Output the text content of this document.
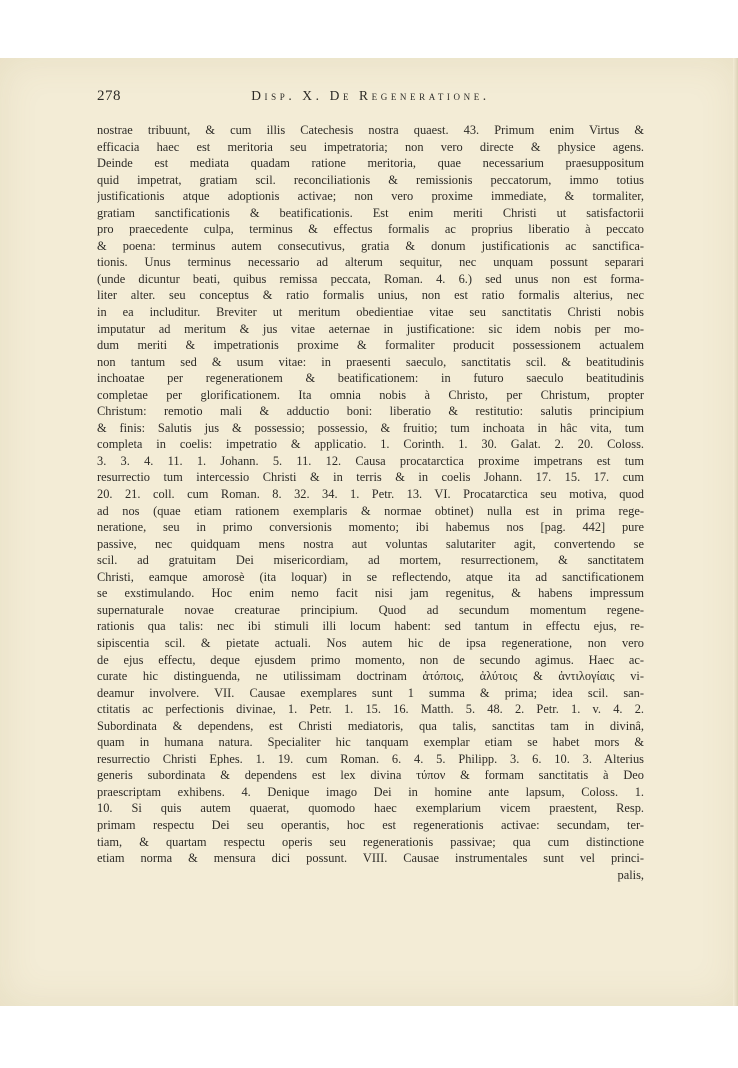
278	Disp. X. De Regeneratione.
nostrae tribuunt, & cum illis Catechesis nostra quaest. 43. Primum enim Virtus &
efficacia haec est meritoria seu impetratoria; non vero directe & physice agens.
Deinde est mediata quadam ratione meritoria, quae necessarium praesuppositum
quid impetrat, gratiam scil. reconciliationis & remissionis peccatorum, immo totius
justificationis atque adoptionis activae; non vero proxime immediate, & tormaliter,
gratiam sanctificationis & beatificationis. Est enim meriti Christi ut satisfactorii
pro praecedente culpa, terminus & effectus formalis ac proprius liberatio à peccato
& poena: terminus autem consecutivus, gratia & donum justificationis ac sanctifica-
tionis. Unus terminus necessario ad alterum sequitur, nec unquam possunt separari
(unde dicuntur beati, quibus remissa peccata, Roman. 4. 6.) sed unus non est forma-
liter alter. seu conceptus & ratio formalis unius, non est ratio formalis alterius, nec
in ea includitur. Breviter ut meritum obedientiae vitae seu sanctitatis Christi nobis
imputatur ad meritum & jus vitae aeternae in justificatione: sic idem nobis per mo-
dum meriti & impetrationis proxime & formaliter producit possessionem actualem
non tantum sed & usum vitae: in praesenti saeculo, sanctitatis scil. & beatitudinis
inchoatae per regenerationem & beatificationem: in futuro saeculo beatitudinis
completae per glorificationem. Ita omnia nobis à Christo, per Christum, propter
Christum: remotio mali & adductio boni: liberatio & restitutio: salutis principium
& finis: Salutis jus & possessio; possessio, & fruitio; tum inchoata in hâc vita, tum
completa in coelis: impetratio & applicatio. 1. Corinth. 1. 30. Galat. 2. 20. Coloss.
3. 3. 4. 11. 1. Johann. 5. 11. 12. Causa procatarctica proxime impetrans est tum
resurrectio tum intercessio Christi & in terris & in coelis Johann. 17. 15. 17. cum
20. 21. coll. cum Roman. 8. 32. 34. 1. Petr. 13. VI. Procatarctica seu motiva, quod
ad nos (quae etiam rationem exemplaris & normae obtinet) nulla est in prima rege-
neratione, seu in primo conversionis momento; ibi habemus nos [pag. 442] pure
passive, nec quidquam mens nostra aut voluntas salutariter agit, convertendo se
scil. ad gratuitam Dei misericordiam, ad mortem, resurrectionem, & sanctitatem
Christi, eamque amorosè (ita loquar) in se reflectendo, atque ita ad sanctificationem
se exstimulando. Hoc enim nemo facit nisi jam regenitus, & habens impressum
supernaturale novae creaturae principium. Quod ad secundum momentum regene-
rationis qua talis: nec ibi stimuli illi locum habent: sed tantum in effectu ejus, re-
sipiscentia scil. & pietate actuali. Nos autem hic de ipsa regeneratione, non vero
de ejus effectu, deque ejusdem primo momento, non de secundo agimus. Haec ac-
curate hic distinguenda, ne utilissimam doctrinam ἀτόποις, ἀλύτοις & ἀντιλογίαις vi-
deamur involvere. VII. Causae exemplares sunt 1 summa & prima; idea scil. san-
ctitatis ac perfectionis divinae, 1. Petr. 1. 15. 16. Matth. 5. 48. 2. Petr. 1. v. 4. 2.
Subordinata & dependens, est Christi mediatoris, qua talis, sanctitas tam in divinâ,
quam in humana natura. Specialiter hic tanquam exemplar etiam se habet mors &
resurrectio Christi Ephes. 1. 19. cum Roman. 6. 4. 5. Philipp. 3. 6. 10. 3. Alterius
generis subordinata & dependens est lex divina τύπον & formam sanctitatis à Deo
praescriptam exhibens. 4. Denique imago Dei in homine ante lapsum, Coloss. 1.
10. Si quis autem quaerat, quomodo haec exemplarium vicem praestent, Resp.
primam respectu Dei seu operantis, hoc est regenerationis activae: secundam, ter-
tiam, & quartam respectu operis seu regenerationis passivae; qua cum distinctione
etiam norma & mensura dici possunt. VIII. Causae instrumentales sunt vel princi-
palis,
